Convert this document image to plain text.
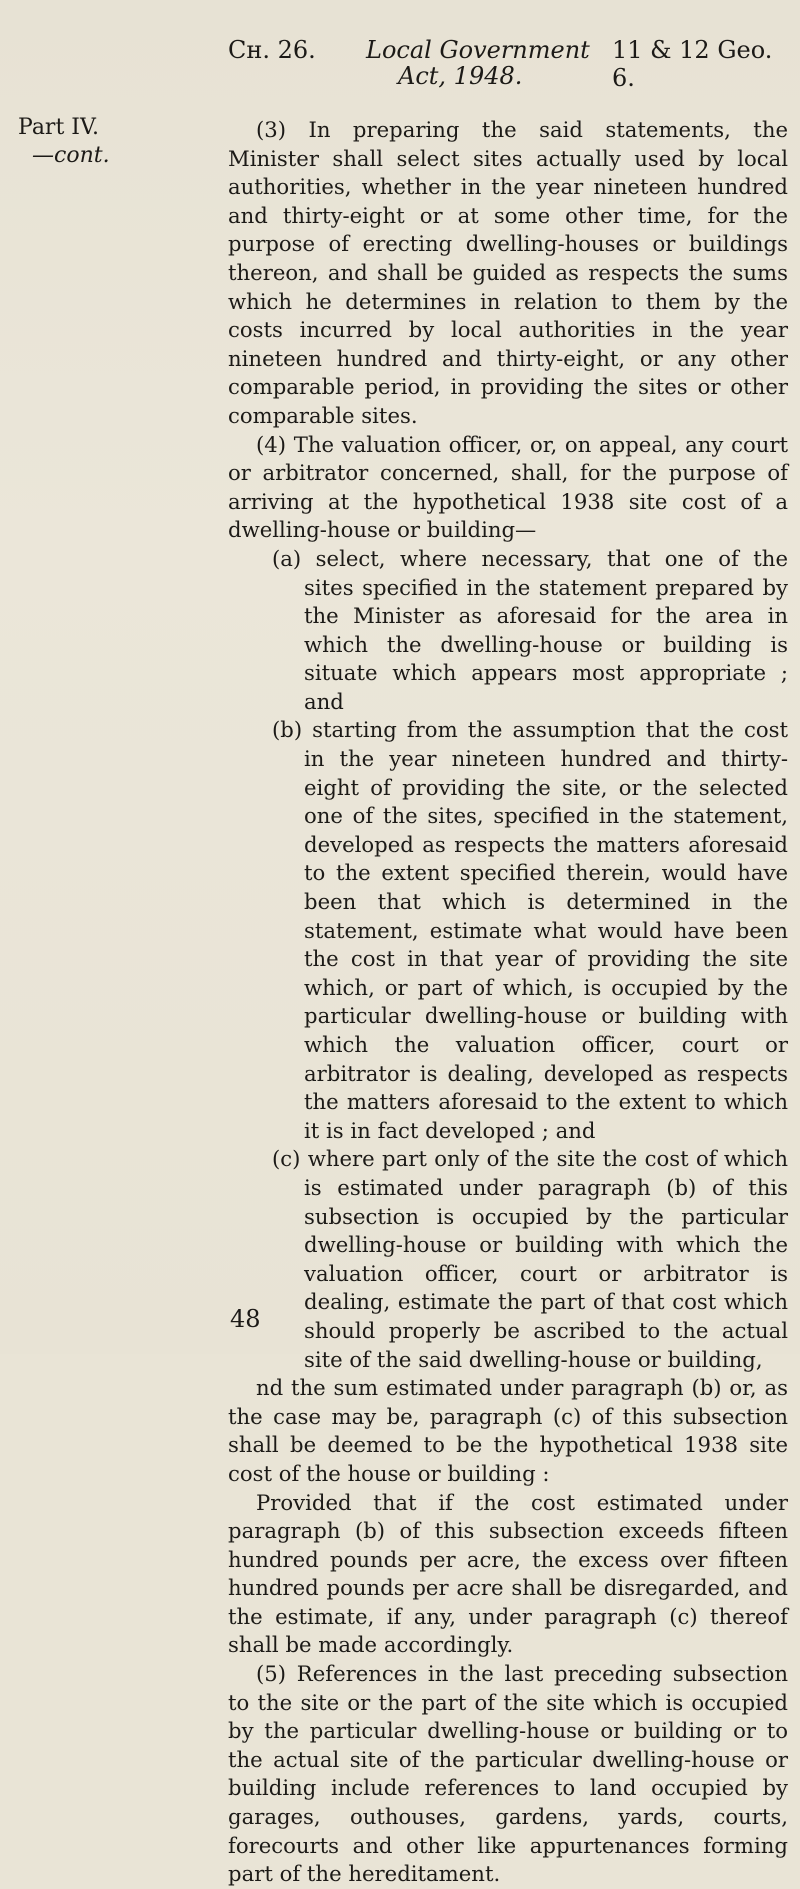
Cн. 26. Local Government 11 & 12 Geo. 6.
Act, 1948.
Part IV.
—cont.

(3) In preparing the said statements, the Minister shall select sites actually used by local authorities, whether in the year nineteen hundred and thirty-eight or at some other time, for the purpose of erecting dwelling-houses or buildings thereon, and shall be guided as respects the sums which he determines in relation to them by the costs incurred by local authorities in the year nineteen hundred and thirty-eight, or any other comparable period, in providing the sites or other comparable sites.

(4) The valuation officer, or, on appeal, any court or arbitrator concerned, shall, for the purpose of arriving at the hypothetical 1938 site cost of a dwelling-house or building—

(a) select, where necessary, that one of the sites specified in the statement prepared by the Minister as aforesaid for the area in which the dwelling-house or building is situate which appears most appropriate ; and

(b) starting from the assumption that the cost in the year nineteen hundred and thirty-eight of providing the site, or the selected one of the sites, specified in the statement, developed as respects the matters aforesaid to the extent specified therein, would have been that which is determined in the statement, estimate what would have been the cost in that year of providing the site which, or part of which, is occupied by the particular dwelling-house or building with which the valuation officer, court or arbitrator is dealing, developed as respects the matters aforesaid to the extent to which it is in fact developed ; and

(c) where part only of the site the cost of which is estimated under paragraph (b) of this subsection is occupied by the particular dwelling-house or building with which the valuation officer, court or arbitrator is dealing, estimate the part of that cost which should properly be ascribed to the actual site of the said dwelling-house or building,

nd the sum estimated under paragraph (b) or, as the case may be, paragraph (c) of this subsection shall be deemed to be the hypothetical 1938 site cost of the house or building :

Provided that if the cost estimated under paragraph (b) of this subsection exceeds fifteen hundred pounds per acre, the excess over fifteen hundred pounds per acre shall be disregarded, and the estimate, if any, under paragraph (c) thereof shall be made accordingly.

(5) References in the last preceding subsection to the site or the part of the site which is occupied by the particular dwelling-house or building or to the actual site of the particular dwelling-house or building include references to land occupied by garages, outhouses, gardens, yards, courts, forecourts and other like appurtenances forming part of the hereditament.

48
